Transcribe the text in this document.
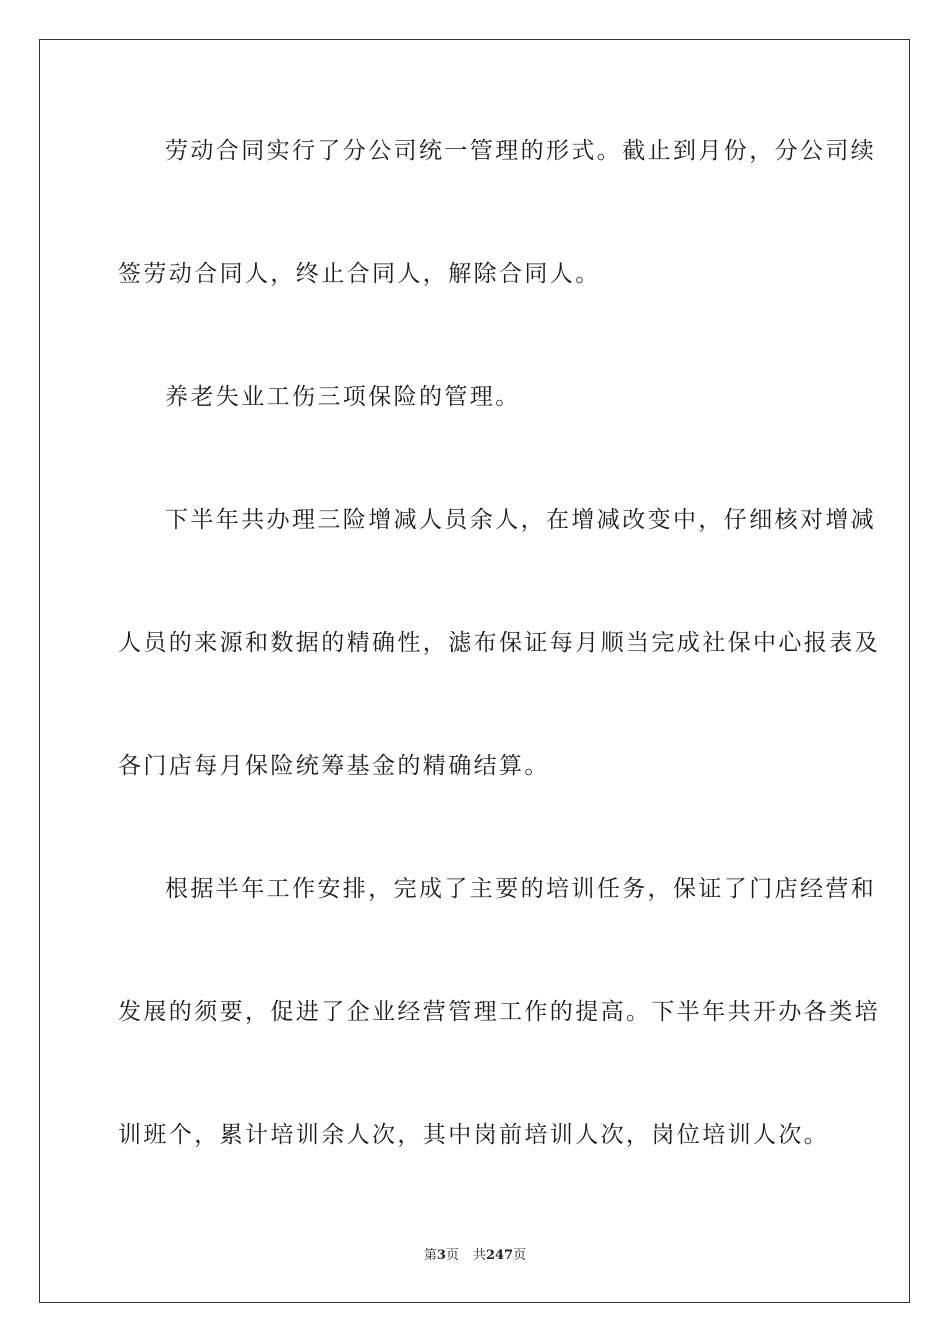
劳动合同实行了分公司统一管理的形式。截止到月份，分公司续
签劳动合同人，终止合同人，解除合同人。
养老失业工伤三项保险的管理。
下半年共办理三险增减人员余人，在增减改变中，仔细核对增减
人员的来源和数据的精确性，滤布保证每月顺当完成社保中心报表及
各门店每月保险统筹基金的精确结算。
根据半年工作安排，完成了主要的培训任务，保证了门店经营和
发展的须要，促进了企业经营管理工作的提高。下半年共开办各类培
训班个，累计培训余人次，其中岗前培训人次，岗位培训人次。
第3页 共247页
